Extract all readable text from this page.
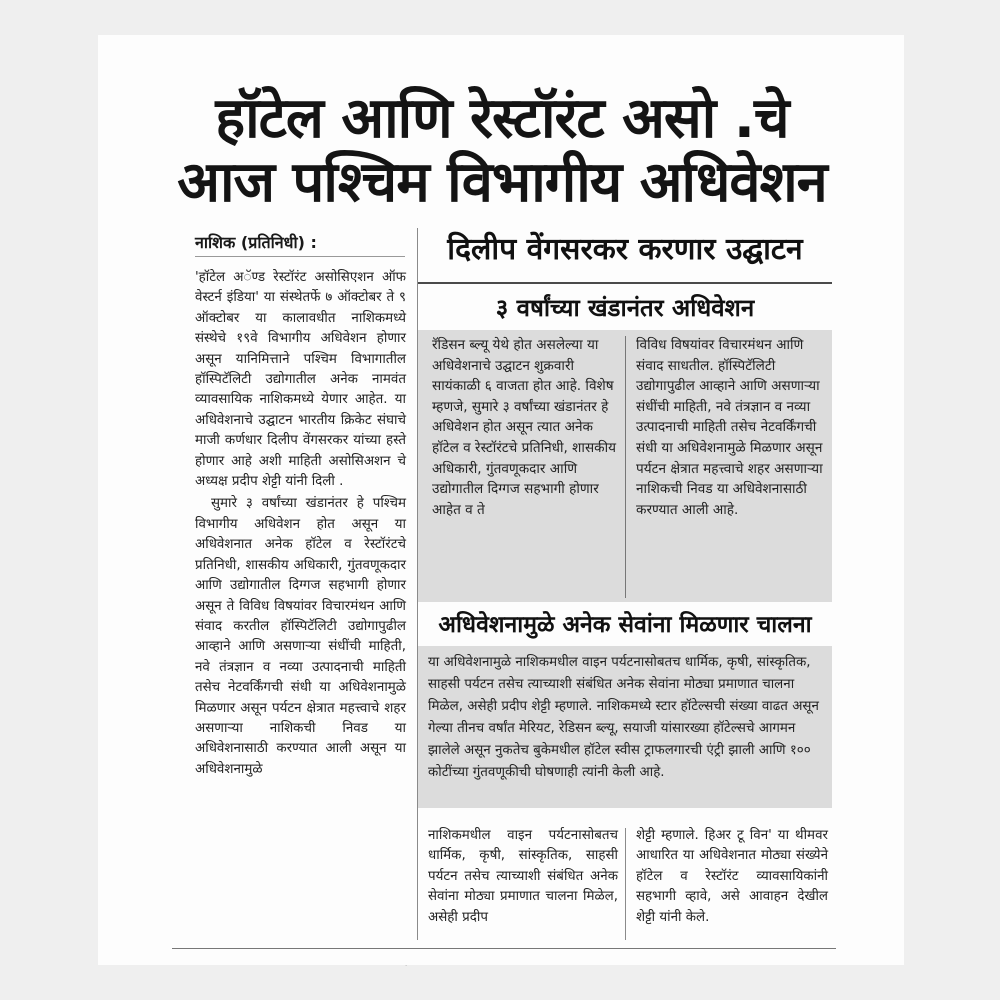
हॉटेल आणि रेस्टॉरंट असो .चे
आज पश्चिम विभागीय अधिवेशन
नाशिक (प्रतिनिधी) :

'हॉटेल अॅण्ड रेस्टॉरंट असोसिएशन ऑफ वेस्टर्न इंडिया' या संस्थेतर्फे ७ ऑक्टोबर ते ९ ऑक्टोबर या कालावधीत नाशिकमध्ये संस्थेचे १९वे विभागीय अधिवेशन होणार असून यानिमित्ताने पश्चिम विभागातील हॉस्पिटॅलिटी उद्योगातील अनेक नामवंत व्यावसायिक नाशिकमध्ये येणार आहेत. या अधिवेशनाचे उद्घाटन भारतीय क्रिकेट संघाचे माजी कर्णधार दिलीप वेंगसरकर यांच्या हस्ते होणार आहे अशी माहिती असोसिअशन चे अध्यक्ष प्रदीप शेट्टी यांनी दिली .

सुमारे ३ वर्षांच्या खंडानंतर हे पश्चिम विभागीय अधिवेशन होत असून या अधिवेशनात अनेक हॉटेल व रेस्टॉरंटचे प्रतिनिधी, शासकीय अधिकारी, गुंतवणूकदार आणि उद्योगातील दिग्गज सहभागी होणार असून ते विविध विषयांवर विचारमंथन आणि संवाद करतील हॉस्पिटॅलिटी उद्योगापुढील आव्हाने आणि असणाऱ्या संधींची माहिती, नवे तंत्रज्ञान व नव्या उत्पादनाची माहिती तसेच नेटवर्किंगची संधी या अधिवेशनामुळे मिळणार असून पर्यटन क्षेत्रात महत्त्वाचे शहर असणाऱ्या नाशिकची निवड या अधिवेशनासाठी करण्यात आली असून या अधिवेशनामुळे

दिलीप वेंगसरकर करणार उद्घाटन
३ वर्षांच्या खंडानंतर अधिवेशन

रॅडिसन ब्ल्यू येथे होत असलेल्या या अधिवेशनाचे उद्घाटन शुक्रवारी सायंकाळी ६ वाजता होत आहे. विशेष म्हणजे, सुमारे ३ वर्षांच्या खंडानंतर हे अधिवेशन होत असून त्यात अनेक हॉटेल व रेस्टॉरंटचे प्रतिनिधी, शासकीय अधिकारी, गुंतवणूकदार आणि उद्योगातील दिग्गज सहभागी होणार आहेत व ते

विविध विषयांवर विचारमंथन आणि संवाद साधतील. हॉस्पिटॅलिटी उद्योगापुढील आव्हाने आणि असणाऱ्या संधींची माहिती, नवे तंत्रज्ञान व नव्या उत्पादनाची माहिती तसेच नेटवर्किंगची संधी या अधिवेशनामुळे मिळणार असून पर्यटन क्षेत्रात महत्त्वाचे शहर असणाऱ्या नाशिकची निवड या अधिवेशनासाठी करण्यात आली आहे.

अधिवेशनामुळे अनेक सेवांना मिळणार चालना
या अधिवेशनामुळे नाशिकमधील वाइन पर्यटनासोबतच धार्मिक, कृषी, सांस्कृतिक, साहसी पर्यटन तसेच त्याच्याशी संबंधित अनेक सेवांना मोठ्या प्रमाणात चालना मिळेल, असेही प्रदीप शेट्टी म्हणाले. नाशिकमध्ये स्टार हॉटेल्सची संख्या वाढत असून गेल्या तीनच वर्षांत मेरियट, रेडिसन ब्ल्यू, सयाजी यांसारख्या हॉटेल्सचे आगमन झालेले असून नुकतेच बुकेमधील हॉटेल स्वीस ट्राफलगारची एंट्री झाली आणि १०० कोटींच्या गुंतवणूकीची घोषणाही त्यांनी केली आहे.
नाशिकमधील वाइन पर्यटनासोबतच धार्मिक, कृषी, सांस्कृतिक, साहसी पर्यटन तसेच त्याच्याशी संबंधित अनेक सेवांना मोठ्या प्रमाणात चालना मिळेल, असेही प्रदीप
शेट्टी म्हणाले. हिअर टू विन' या थीमवर आधारित या अधिवेशनात मोठ्या संख्येने हॉटेल व रेस्टॉरंट व्यावसायिकांनी सहभागी व्हावे, असे आवाहन देखील शेट्टी यांनी केले.
